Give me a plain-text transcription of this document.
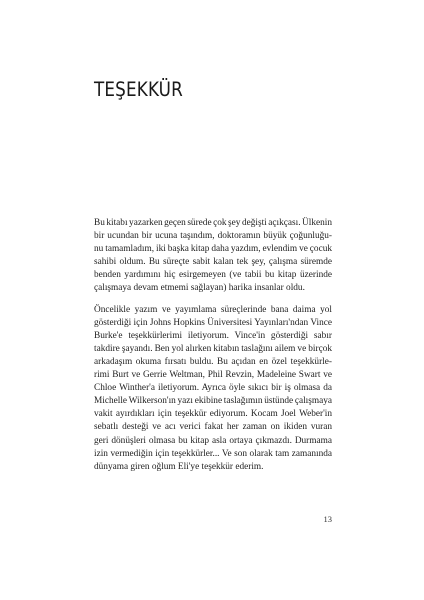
TEŞEKKÜR

Bu kitabı yazarken geçen sürede çok şey değişti açıkçası. Ülkenin
bir ucundan bir ucuna taşındım, doktoramın büyük çoğunluğu-
nu tamamladım, iki başka kitap daha yazdım, evlendim ve çocuk
sahibi oldum. Bu süreçte sabit kalan tek şey, çalışma süremde
benden yardımını hiç esirgemeyen (ve tabii bu kitap üzerinde
çalışmaya devam etmemi sağlayan) harika insanlar oldu.

Öncelikle yazım ve yayımlama süreçlerinde bana daima yol
gösterdiği için Johns Hopkins Üniversitesi Yayınları'ndan Vince
Burke'e teşekkürlerimi iletiyorum. Vince'in gösterdiği sabır
takdire şayandı. Ben yol alırken kitabın taslağını ailem ve birçok
arkadaşım okuma fırsatı buldu. Bu açıdan en özel teşekkürle-
rimi Burt ve Gerrie Weltman, Phil Revzin, Madeleine Swart ve
Chloe Winther'a iletiyorum. Ayrıca öyle sıkıcı bir iş olmasa da
Michelle Wilkerson'ın yazı ekibine taslağımın üstünde çalışmaya
vakit ayırdıkları için teşekkür ediyorum. Kocam Joel Weber'in
sebatlı desteği ve acı verici fakat her zaman on ikiden vuran
geri dönüşleri olmasa bu kitap asla ortaya çıkmazdı. Durmama
izin vermediğin için teşekkürler... Ve son olarak tam zamanında
dünyama giren oğlum Eli'ye teşekkür ederim.

13
